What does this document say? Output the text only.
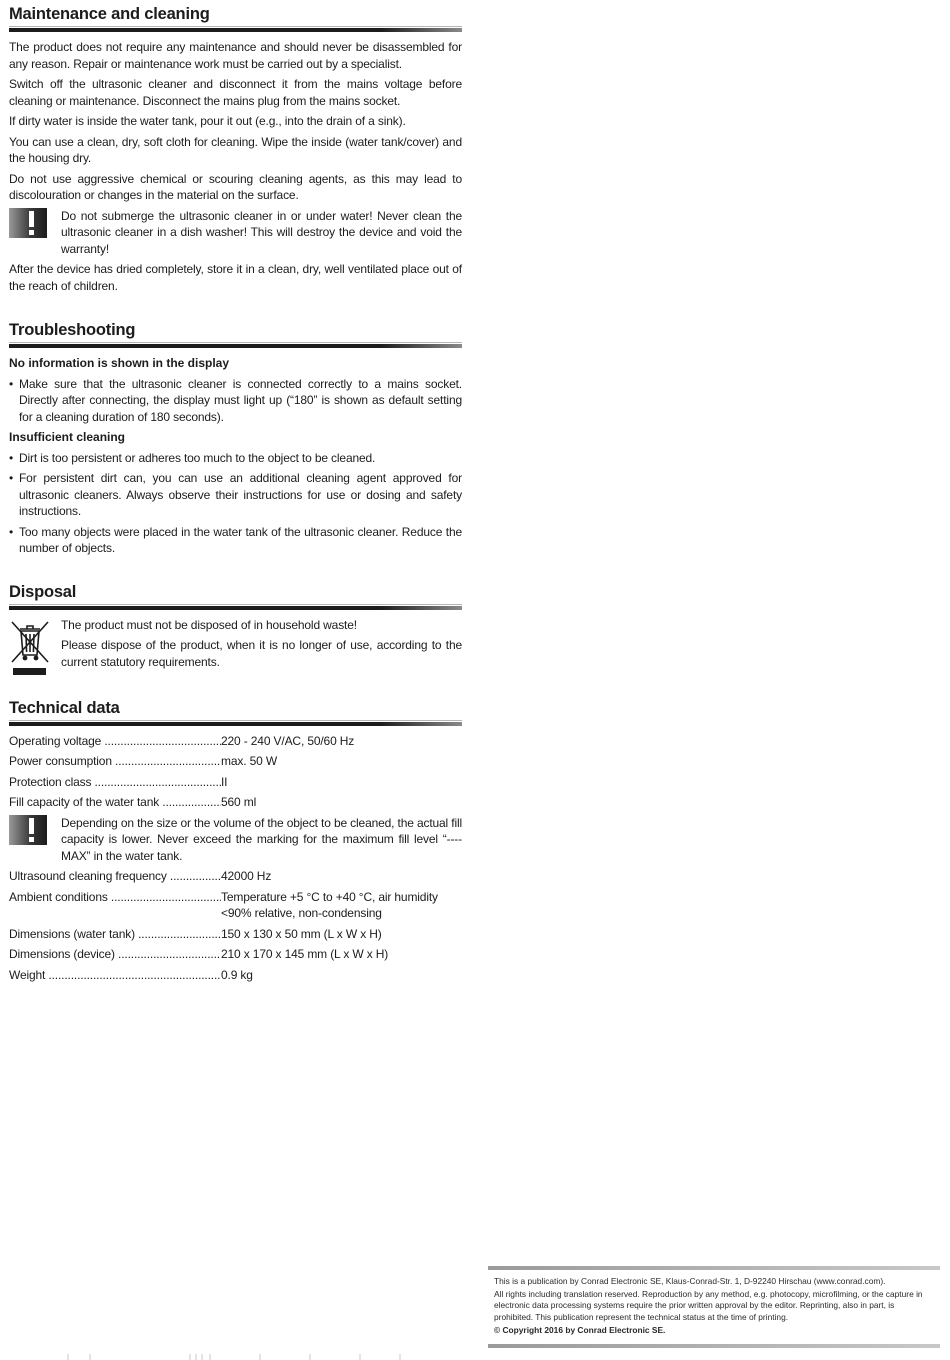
Maintenance and cleaning

The product does not require any maintenance and should never be disassembled for any reason. Repair or maintenance work must be carried out by a specialist.

Switch off the ultrasonic cleaner and disconnect it from the mains voltage before cleaning or maintenance. Disconnect the mains plug from the mains socket.

If dirty water is inside the water tank, pour it out (e.g., into the drain of a sink).

You can use a clean, dry, soft cloth for cleaning. Wipe the inside (water tank/cover) and the housing dry.

Do not use aggressive chemical or scouring cleaning agents, as this may lead to discolouration or changes in the material on the surface.

Do not submerge the ultrasonic cleaner in or under water! Never clean the ultrasonic cleaner in a dish washer! This will destroy the device and void the warranty!

After the device has dried completely, store it in a clean, dry, well ventilated place out of the reach of children.

Troubleshooting
No information is shown in the display
• Make sure that the ultrasonic cleaner is connected correctly to a mains socket. Directly after connecting, the display must light up (“180” is shown as default setting for a cleaning duration of 180 seconds).
Insufficient cleaning
• Dirt is too persistent or adheres too much to the object to be cleaned.
• For persistent dirt can, you can use an additional cleaning agent approved for ultrasonic cleaners. Always observe their instructions for use or dosing and safety instructions.
• Too many objects were placed in the water tank of the ultrasonic cleaner. Reduce the number of objects.
Disposal

The product must not be disposed of in household waste!

Please dispose of the product, when it is no longer of use, according to the current statutory requirements.

Technical data
Operating voltage .....	220 - 240 V/AC, 50/60 Hz
Power consumption .....	max. 50 W
Protection class .....	II
Fill capacity of the water tank .....	560 ml
Depending on the size or the volume of the object to be cleaned, the actual fill capacity is lower. Never exceed the marking for the maximum fill level “----MAX” in the water tank.
Ultrasound cleaning frequency .....	42000 Hz
Ambient conditions .....	Temperature +5 °C to +40 °C, air humidity <90% relative, non-condensing
Dimensions (water tank) .....	150 x 130 x 50 mm (L x W x H)
Dimensions (device) .....	210 x 170 x 145 mm (L x W x H)
Weight .....	0.9 kg

This is a publication by Conrad Electronic SE, Klaus-Conrad-Str. 1, D-92240 Hirschau (www.conrad.com).

All rights including translation reserved. Reproduction by any method, e.g. photocopy, microfilming, or the capture in electronic data processing systems require the prior written approval by the editor. Reprinting, also in part, is prohibited. This publication represent the technical status at the time of printing.

© Copyright 2016 by Conrad Electronic SE.
